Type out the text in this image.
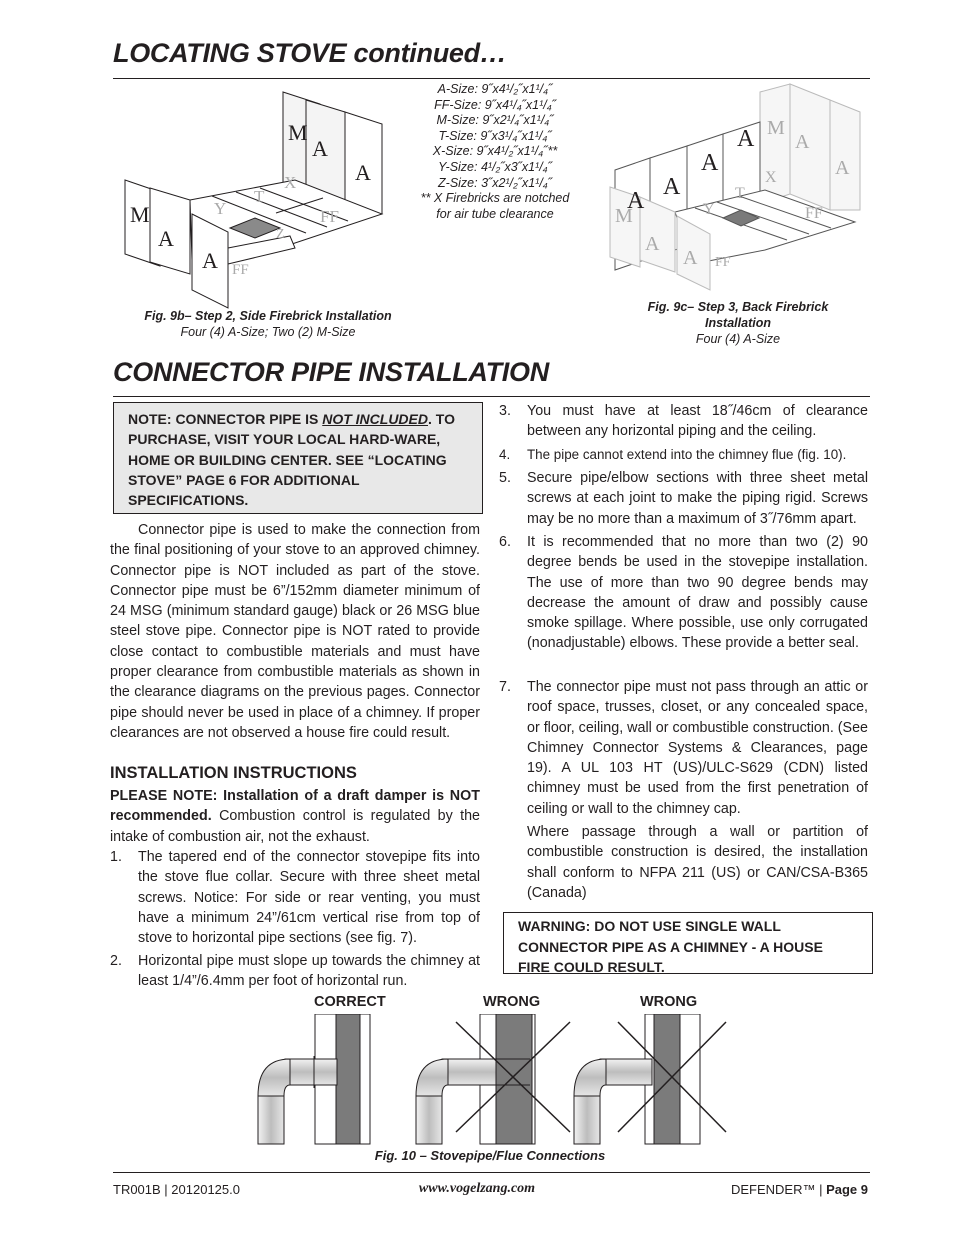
LOCATING STOVE continued…
M
A
A
M
A
A
Y
T
X
Z
FF
FF
A-Size: 9˝x4¹/₂˝x1¹/₄˝
FF-Size: 9˝x4¹/₄˝x1¹/₄˝
M-Size: 9˝x2¹/₄˝x1¹/₄˝
T-Size: 9˝x3¹/₄˝x1¹/₄˝
X-Size: 9˝x4¹/₂˝x1¹/₄˝**
Y-Size: 4¹/₂˝x3˝x1¹/₄˝
Z-Size: 3˝x2¹/₂˝x1¹/₄˝
** X Firebricks are notched
for air tube clearance	A
A
A
A M
A
A
M
A
A
Y
T
X
FF
FF
Fig. 9b– Step 2, Side Firebrick Installation
Four (4) A-Size; Two (2) M-Size
Fig. 9c– Step 3, Back Firebrick
Installation
Four (4) A-Size
CONNECTOR PIPE INSTALLATION
NOTE: CONNECTOR PIPE IS NOT INCLUDED. TO PURCHASE, VISIT YOUR LOCAL HARD-WARE, HOME OR BUILDING CENTER. SEE “LOCATING STOVE” PAGE 6 FOR ADDITIONAL SPECIFICATIONS.
Connector pipe is used to make the connection from the final positioning of your stove to an approved chimney. Connector pipe is NOT included as part of the stove. Connector pipe must be 6”/152mm diameter minimum of 24 MSG (minimum standard gauge) black or 26 MSG blue steel stove pipe. Connector pipe is NOT rated to provide close contact to combustible materials and must have proper clearance from combustible materials as shown in the clearance diagrams on the previous pages. Connector pipe should never be used in place of a chimney. If proper clearances are not observed a house fire could result.
INSTALLATION INSTRUCTIONS
PLEASE NOTE: Installation of a draft damper is NOT recommended. Combustion control is regulated by the intake of combustion air, not the exhaust.
1. The tapered end of the connector stovepipe fits into the stove flue collar. Secure with three sheet metal screws. Notice: For side or rear venting, you must have a minimum 24”/61cm vertical rise from top of stove to horizontal pipe sections (see fig. 7).
2. Horizontal pipe must slope up towards the chimney at least 1/4”/6.4mm per foot of horizontal run.
3. You must have at least 18˝/46cm of clearance between any horizontal piping and the ceiling.
4. The pipe cannot extend into the chimney flue (fig. 10).
5. Secure pipe/elbow sections with three sheet metal screws at each joint to make the piping rigid. Screws may be no more than a maximum of 3˝/76mm apart.
6. It is recommended that no more than two (2) 90 degree bends be used in the stovepipe installation. The use of more than two 90 degree bends may decrease the amount of draw and possibly cause smoke spillage. Where possible, use only corrugated (nonadjustable) elbows. These provide a better seal.
7. The connector pipe must not pass through an attic or roof space, trusses, closet, or any concealed space, or floor, ceiling, wall or combustible construction. (See Chimney Connector Systems & Clearances, page 19). A UL 103 HT (US)/ULC-S629 (CDN) listed chimney must be used from the first penetration of ceiling or wall to the chimney cap.
Where passage through a wall or partition of combustible construction is desired, the installation shall conform to NFPA 211 (US) or CAN/CSA-B365 (Canada)
WARNING: DO NOT USE SINGLE WALL CONNECTOR PIPE AS A CHIMNEY - A HOUSE FIRE COULD RESULT.
CORRECT	WRONG	WRONG
Fig. 10 – Stovepipe/Flue Connections
TR001B | 20120125.0	www.vogelzang.com	DEFENDER™ | Page 9
